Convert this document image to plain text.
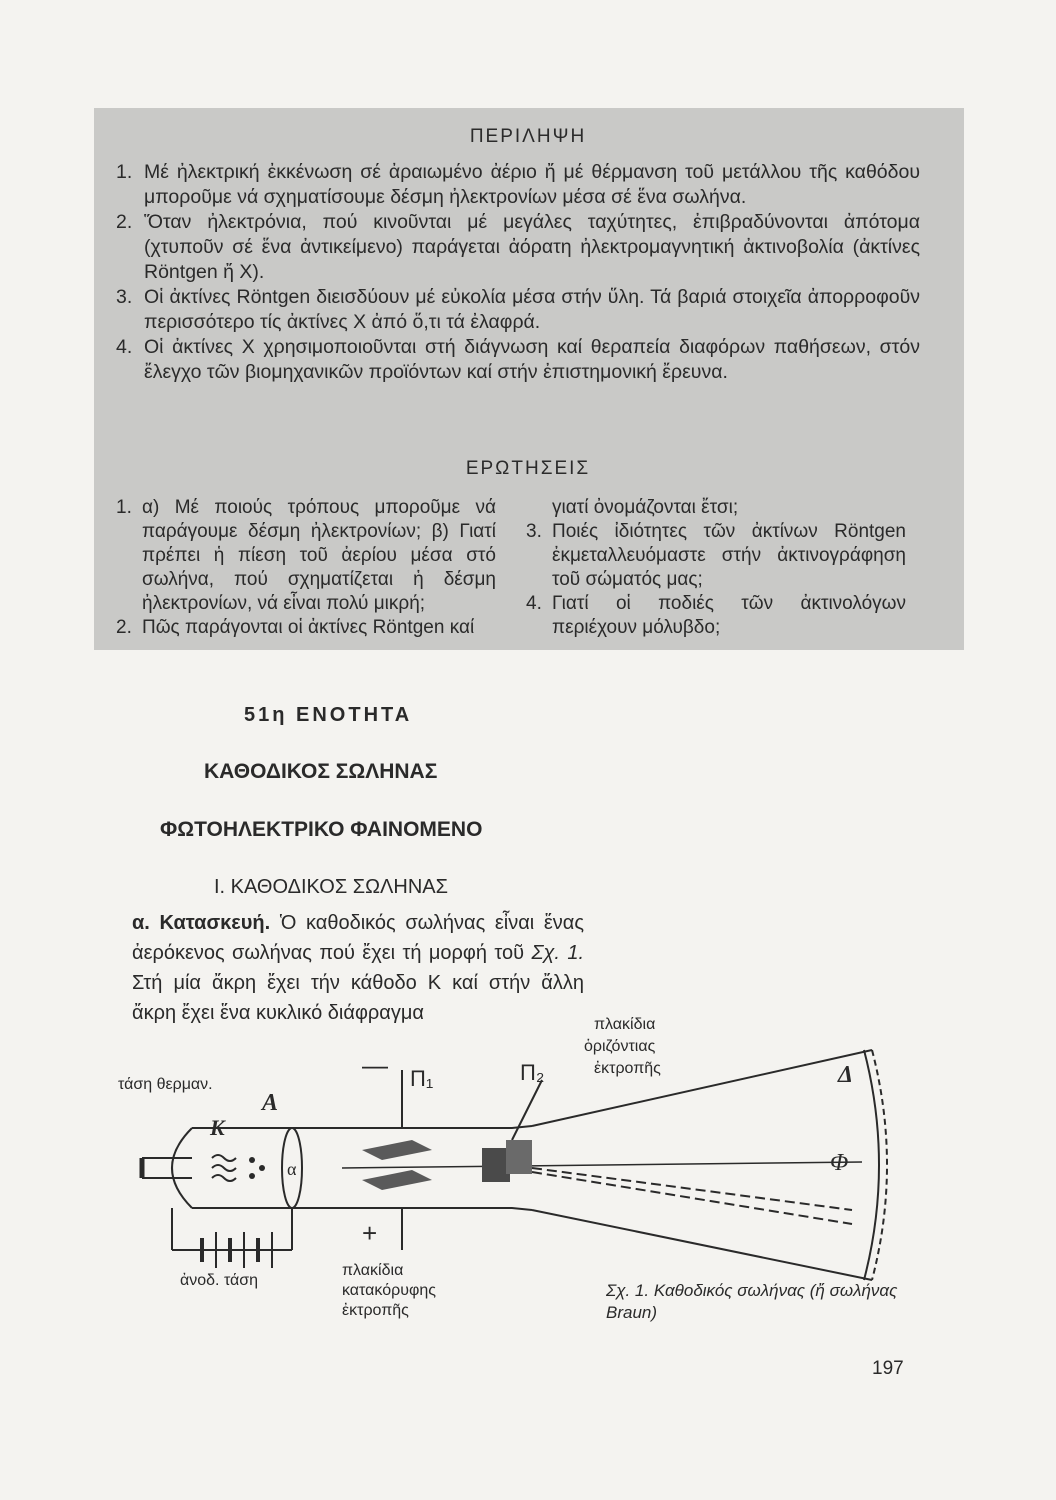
ΠΕΡΙΛΗΨΗ
1. Μέ ἠλεκτρική ἐκκένωση σέ ἀραιωμένο ἀέριο ἤ μέ θέρμανση τοῦ μετάλλου τῆς καθόδου μποροῦμε νά σχηματίσουμε δέσμη ἠλεκτρονίων μέσα σέ ἕνα σωλήνα.
2. Ὅταν ἠλεκτρόνια, πού κινοῦνται μέ μεγάλες ταχύτητες, ἐπιβραδύνονται ἀπότομα (χτυποῦν σέ ἕνα ἀντικείμενο) παράγεται ἀόρατη ἠλεκτρομαγνητική ἀκτινοβολία (ἀκτίνες Röntgen ἤ Χ).
3. Οἱ ἀκτίνες Röntgen διεισδύουν μέ εὐκολία μέσα στήν ὕλη. Τά βαριά στοιχεῖα ἀπορροφοῦν περισσότερο τίς ἀκτίνες Χ ἀπό ὅ,τι τά ἐλαφρά.
4. Οἱ ἀκτίνες Χ χρησιμοποιοῦνται στή διάγνωση καί θεραπεία διαφόρων παθήσεων, στόν ἔλεγχο τῶν βιομηχανικῶν προϊόντων καί στήν ἐπιστημονική ἔρευνα.
ΕΡΩΤΗΣΕΙΣ
1. α) Μέ ποιούς τρόπους μποροῦμε νά παράγουμε δέσμη ἠλεκτρονίων; β) Γιατί πρέπει ἡ πίεση τοῦ ἀερίου μέσα στό σωλήνα, πού σχηματίζεται ἡ δέσμη ἠλεκτρονίων, νά εἶναι πολύ μικρή;
2. Πῶς παράγονται οἱ ἀκτίνες Röntgen καί
γιατί ὀνομάζονται ἔτσι;
3. Ποιές ἰδιότητες τῶν ἀκτίνων Röntgen ἐκμεταλλευόμαστε στήν ἀκτινογράφηση τοῦ σώματός μας;
4. Γιατί οἱ ποδιές τῶν ἀκτινολόγων περιέχουν μόλυβδο;
51η ΕΝΟΤΗΤΑ
ΚΑΘΟΔΙΚΟΣ ΣΩΛΗΝΑΣ
ΦΩΤΟΗΛΕΚΤΡΙΚΟ ΦΑΙΝΟΜΕΝΟ
Ι. ΚΑΘΟΔΙΚΟΣ ΣΩΛΗΝΑΣ
α. Κατασκευή. Ὁ καθοδικός σωλήνας εἶναι ἕνας ἀερόκενος σωλήνας πού ἔχει τή μορφή τοῦ Σχ. 1. Στή μία ἄκρη ἔχει τήν κάθοδο Κ καί στήν ἄλλη ἄκρη ἔχει ἕνα κυκλικό διάφραγμα
K
A
α
— Π₁	Π₂
+
Δ
Φ
τάση θερμαν.
ἀνοδ. τάση
πλακίδια
κατακόρυφης
ἐκτροπῆς
πλακίδια
ὁριζόντιας
ἐκτροπῆς
Σχ. 1. Καθοδικός σωλήνας (ἤ σωλήνας Braun)
197
